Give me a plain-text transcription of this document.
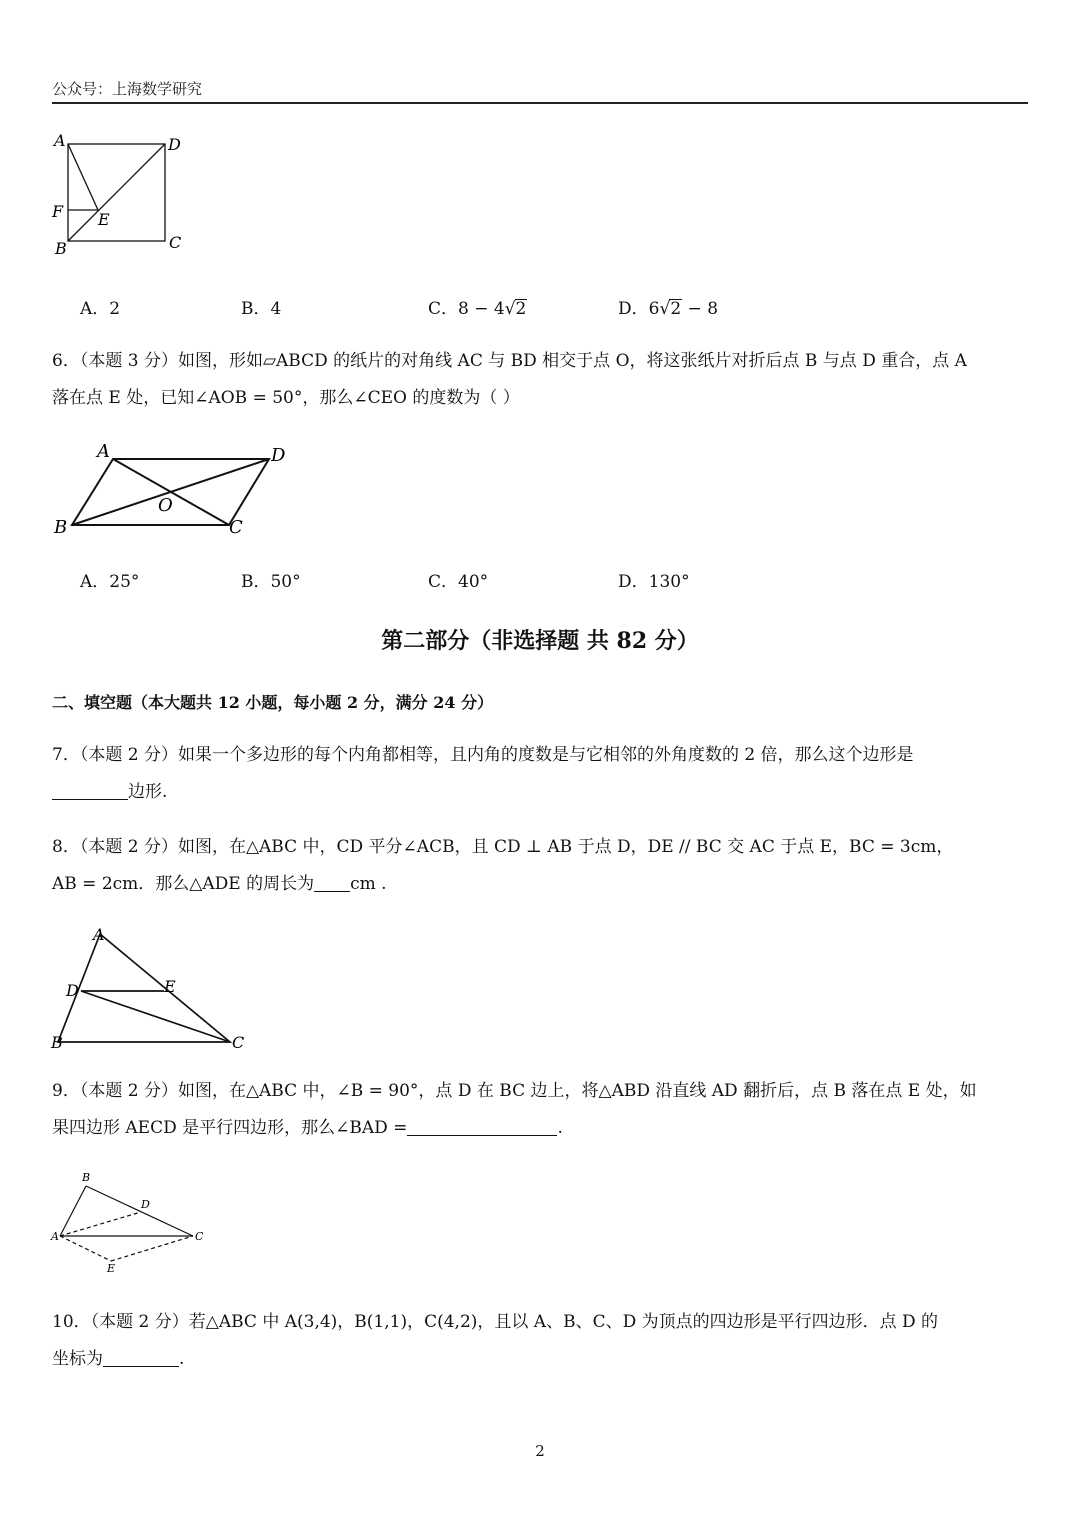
公众号：上海数学研究
A	D
F E
B	C
A．2	B．4	C．8 − 4√2	D．6√2 − 8
6．（本题 3 分）如图，形如▱ABCD 的纸片的对角线 AC 与 BD 相交于点 O，将这张纸片对折后点 B 与点 D 重合，点 A
落在点 E 处，已知∠AOB = 50°，那么∠CEO 的度数为（ ）
A	D
O
B	C
A．25°	B．50°	C．40°	D．130°
第二部分（非选择题 共 82 分）
二、填空题（本大题共 12 小题，每小题 2 分，满分 24 分）
7．（本题 2 分）如果一个多边形的每个内角都相等，且内角的度数是与它相邻的外角度数的 2 倍，那么这个边形是
边形.
8．（本题 2 分）如图，在△ABC 中，CD 平分∠ACB，且 CD ⊥ AB 于点 D，DE // BC 交 AC 于点 E，BC = 3cm，
AB = 2cm．那么△ADE 的周长为 cm .
A
D	E
B	C
9．（本题 2 分）如图，在△ABC 中，∠B = 90°，点 D 在 BC 边上，将△ABD 沿直线 AD 翻折后，点 B 落在点 E 处，如
果四边形 AECD 是平行四边形，那么∠BAD =	.
B
D
A	C
E
10．（本题 2 分）若△ABC 中 A(3,4)，B(1,1)，C(4,2)，且以 A、B、C、D 为顶点的四边形是平行四边形．点 D 的
坐标为	.
2
